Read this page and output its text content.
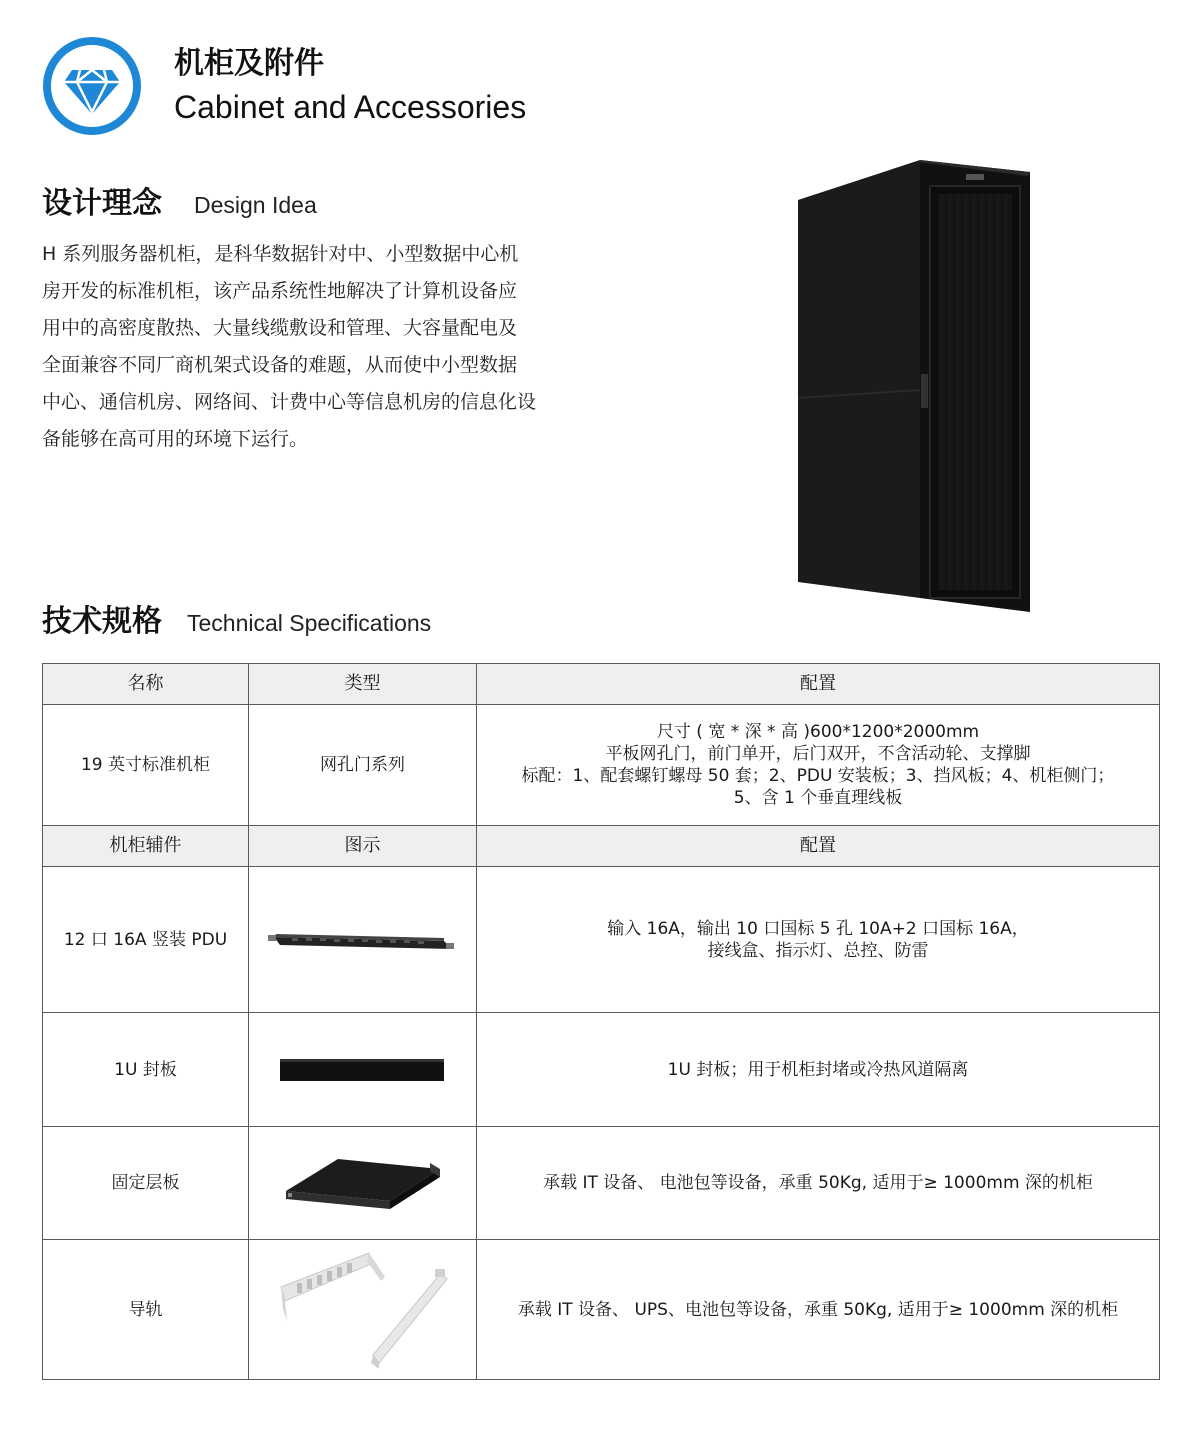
机柜及附件
Cabinet and Accessories
设计理念 Design Idea
H 系列服务器机柜，是科华数据针对中、小型数据中心机
房开发的标准机柜，该产品系统性地解决了计算机设备应
用中的高密度散热、大量线缆敷设和管理、大容量配电及
全面兼容不同厂商机架式设备的难题，从而使中小型数据
中心、通信机房、网络间、计费中心等信息机房的信息化设
备能够在高可用的环境下运行。
技术规格 Technical Specifications
名称	类型	配置
19 英寸标准机柜	网孔门系列	尺寸 ( 宽 * 深 * 高 )600*1200*2000mm
平板网孔门，前门单开，后门双开，不含活动轮、支撑脚
标配：1、配套螺钉螺母 50 套；2、PDU 安装板；3、挡风板；4、机柜侧门；
5、含 1 个垂直理线板

机柜辅件	图示	配置
12 口 16A 竖装 PDU		输入 16A，输出 10 口国标 5 孔 10A+2 口国标 16A，
接线盒、指示灯、总控、防雷

1U 封板		1U 封板；用于机柜封堵或冷热风道隔离

固定层板		承载 IT 设备、 电池包等设备，承重 50Kg, 适用于≥ 1000mm 深的机柜

导轨		承载 IT 设备、 UPS、电池包等设备，承重 50Kg, 适用于≥ 1000mm 深的机柜
